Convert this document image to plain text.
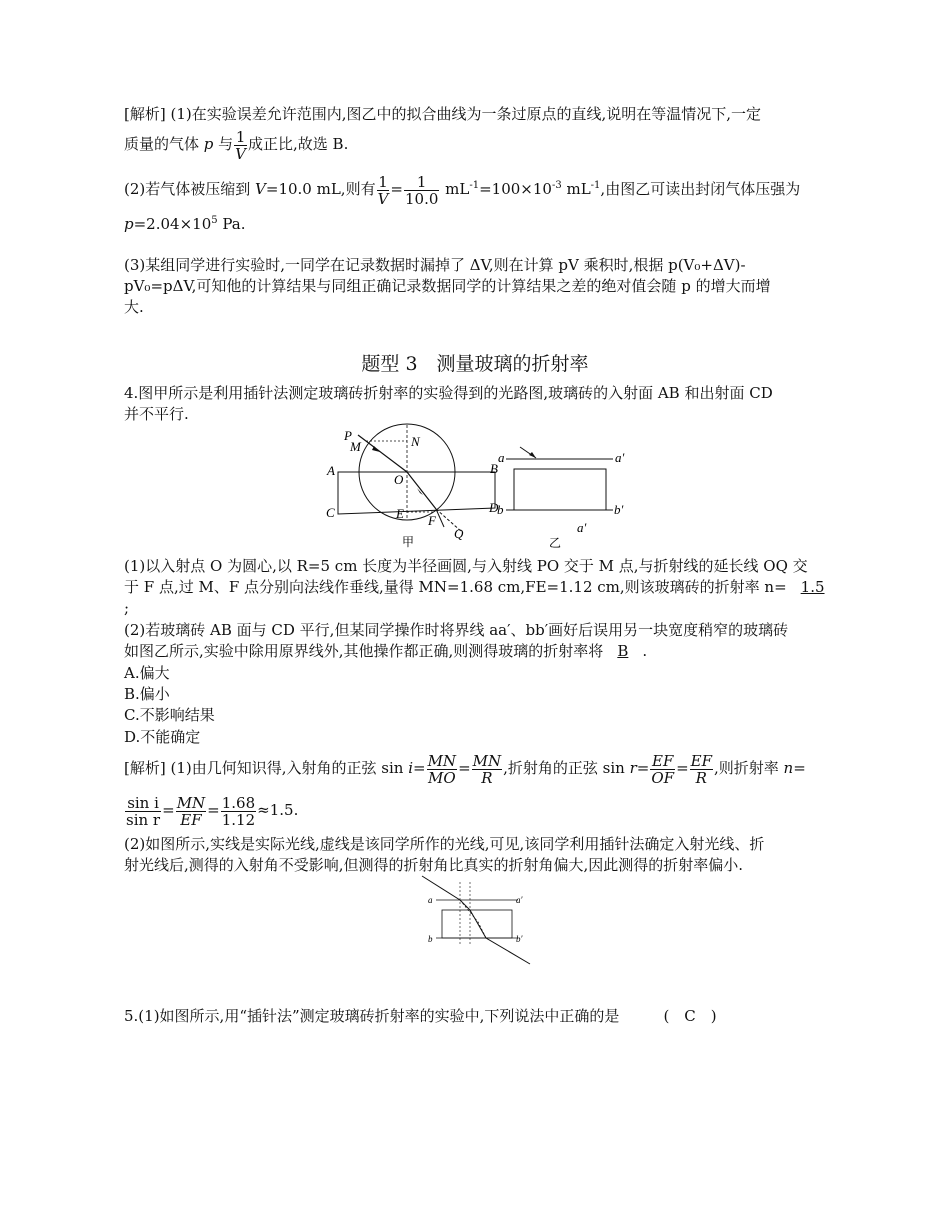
[解析] (1)在实验误差允许范围内,图乙中的拟合曲线为一条过原点的直线,说明在等温情况下,一定
质量的气体 p 与 $\frac{1}{V}$ 成正比,故选 B.
(2)若气体被压缩到 V=10.0 mL,则有 $\frac{1}{V} = \frac{1}{10.0} mL^{-1}=100\times 10^{-3}$ $mL^{-1}$,由图乙可读出封闭气体压强为
$p=2.04\times 10^5$ Pa.
(3)某组同学进行实验时,一同学在记录数据时漏掉了 ΔV,则在计算 pV 乘积时,根据 p(V₀+ΔV)-
pV₀=pΔV,可知他的计算结果与同组正确记录数据同学的计算结果之差的绝对值会随 p 的增大而增
大.
题型 3　测量玻璃的折射率
4.图甲所示是利用插针法测定玻璃砖折射率的实验得到的光路图,玻璃砖的入射面 AB 和出射面 CD
并不平行.
P
M	N
A	B
O
C	D
E F
Q
甲
a	a′
b	b′
a′
乙
(1)以入射点 O 为圆心,以 R=5 cm 长度为半径画圆,与入射线 PO 交于 M 点,与折射线的延长线 OQ 交
于 F 点,过 M、F 点分别向法线作垂线,量得 MN=1.68 cm,FE=1.12 cm,则该玻璃砖的折射率 n= 1.5
;
(2)若玻璃砖 AB 面与 CD 平行,但某同学操作时将界线 aa′、bb′画好后误用另一块宽度稍窄的玻璃砖
如图乙所示,实验中除用原界线外,其他操作都正确,则测得玻璃的折射率将 B .
A.偏大
B.偏小
C.不影响结果
D.不能确定
[解析] (1)由几何知识得,入射角的正弦 $\sin i= \frac{MN}{MO} = \frac{MN}{R}$ ,折射角的正弦 $\sin r= \frac{EF}{OF} = \frac{EF}{R}$ ,则折射率 n=
$\frac{\text{sin i}}{\text{sin r}} = \frac{MN}{EF} = \frac{1.68}{1.12} \approx 1.5$.
(2)如图所示,实线是实际光线,虚线是该同学所作的光线,可见,该同学利用插针法确定入射光线、折
射光线后,测得的入射角不受影响,但测得的折射角比真实的折射角偏大,因此测得的折射率偏小.
a	a′
b	b′
5.(1)如图所示,用“插针法”测定玻璃砖折射率的实验中,下列说法中正确的是	(　C　)
